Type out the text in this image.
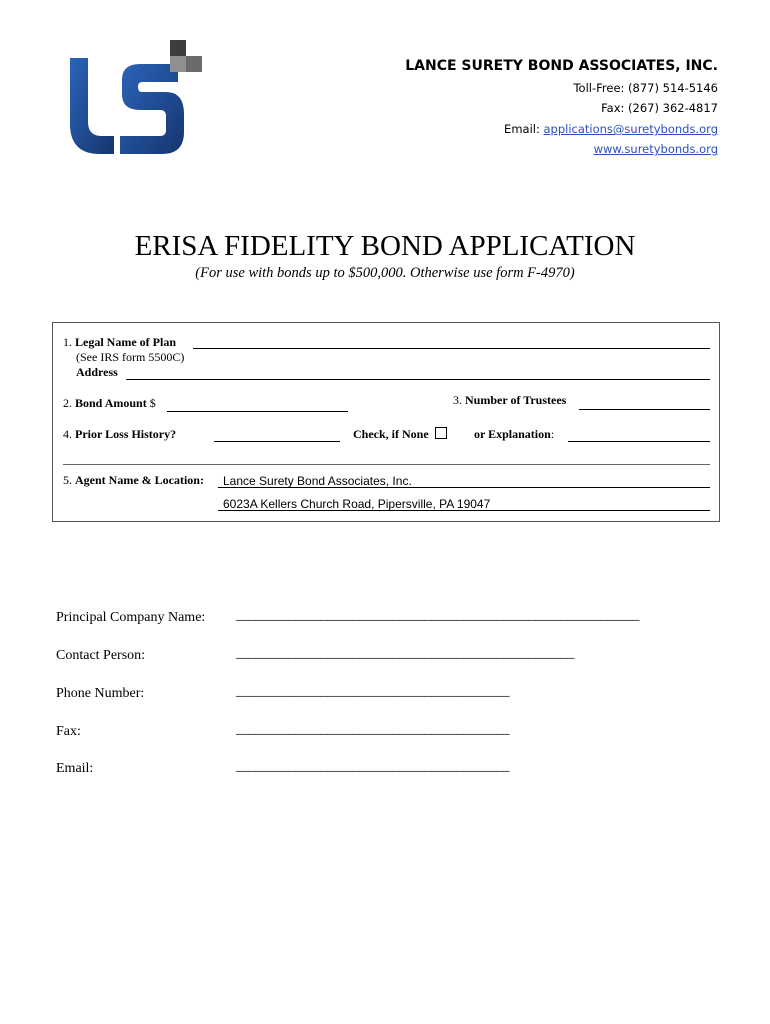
LANCE SURETY BOND ASSOCIATES, INC.
Toll-Free: (877) 514-5146
Fax: (267) 362-4817
Email: applications@suretybonds.org
www.suretybonds.org
ERISA FIDELITY BOND APPLICATION
(For use with bonds up to $500,000. Otherwise use form F-4970)
1. Legal Name of Plan
(See IRS form 5500C)
Address
2. Bond Amount $	3. Number of Trustees
4. Prior Loss History?	Check, if None	or Explanation:
5. Agent Name & Location: Lance Surety Bond Associates, Inc.
6023A Kellers Church Road, Pipersville, PA 19047
Principal Company Name: ______________________________________________________________
Contact Person:	____________________________________________________
Phone Number:	__________________________________________
Fax:	__________________________________________
Email:	__________________________________________
